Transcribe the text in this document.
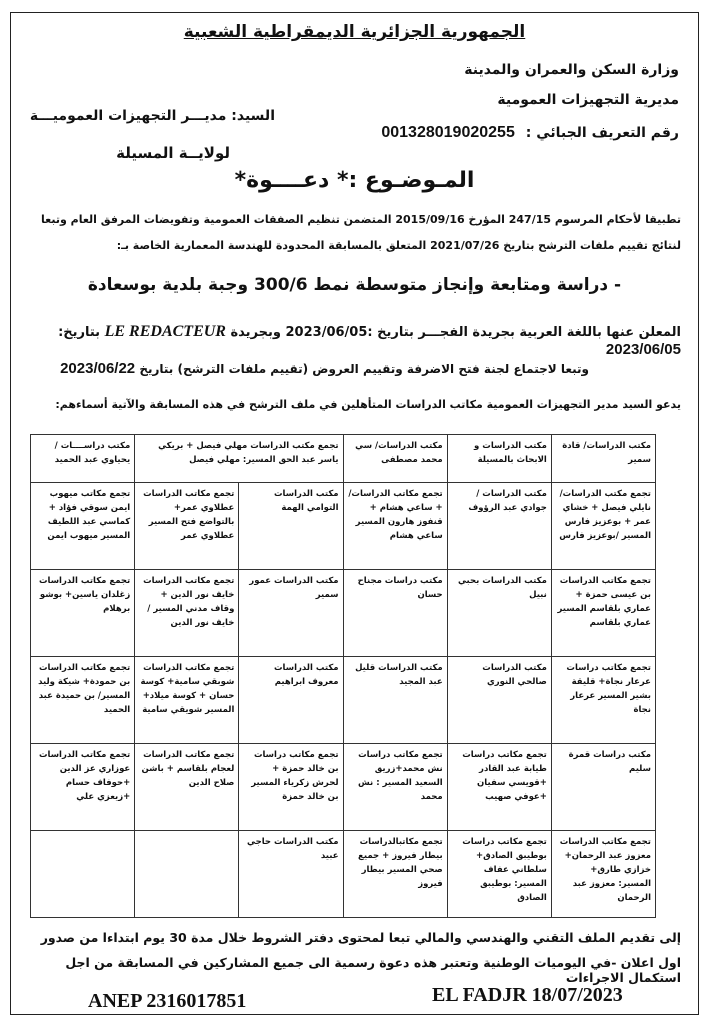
الجمهورية الجزائرية الديمقراطية الشعبية
وزارة السكن والعمران والمدينة
مديرية التجهيزات العمومية
رقم التعريف الجبائي : 001328019020255
السيد: مديـــر التجهيزات العموميـــة
لولايــة المسيلة
المـوضـوع :* دعــــوة*
تطبيقا لأحكام المرسوم 247/15 المؤرخ 2015/09/16 المتضمن تنظيم الصفقات العمومية وتفويضات المرفق العام وتبعا لنتائج تقييم ملفات الترشح بتاريخ 2021/07/26 المتعلق بالمسابقة المحدودة للهندسة المعمارية الخاصة بـ:
- دراسة ومتابعة وإنجاز متوسطة نمط 300/6 وجبة بلدية بوسعادة
المعلن عنها باللغة العربية بجريدة الفجـــر بتاريخ :2023/06/05 وبجريدة LE REDACTEUR بتاريخ: 2023/06/05
وتبعا لاجتماع لجنة فتح الاضرفة وتقييم العروض (تقييم ملفات الترشح) بتاريخ 2023/06/22
يدعو السيد مدير التجهيزات العمومية مكاتب الدراسات المتأهلين في ملف الترشح في هذه المسابقة والآتية أسماءهم:
مكتب الدراسات/ قادة سمير	مكتب الدراسات و الابحاث بالمسيلة	مكتب الدراسات/ سي محمد مصطفى	تجمع مكتب الدراسات مهلي فيصل + بريكي ياسر عبد الحق المسير: مهلي فيصل		مكتب دراســــات /يحياوي عبد الحميد
تجمع مكتب الدراسات/ نايلي فيصل + خشاي عمر + بوعزيز فارس المسير /بوعزيز فارس	مكتب الدراسات /جوادي عبد الرؤوف	تجمع مكاتب الدراسات/ + ساعي هشام + قنفوز هارون المسير ساعي هشام	مكتب الدراسات التوامي الهمة	تجمع مكاتب الدراسات عطلاوي عمر+ بالتواضع فتح المسير عطلاوي عمر	تجمع مكاتب ميهوب ايمن سوقي فؤاد + كماسي عبد اللطيف المسير ميهوب ايمن
تجمع مكاتب الدراسات بن عيسى حمزة + عماري بلقاسم المسير عماري بلقاسم	مكتب الدراسات بحبي نبيل	مكتب دراسات مجناح حسان	مكتب الدراسات عمور سمير	تجمع مكاتب الدراسات خايف نور الدين + وقاف مدني المسير /خايف نور الدين	تجمع مكاتب الدراسات زغلدان ياسين+ بوشو برهلام
تجمع مكاتب دراسات عرعار نجاة+ قليقة بشير المسير عرعار نجاة	مكتب الدراسات صالحي النوري	مكتب الدراسات قليل عبد المجيد	مكتب الدراسات معروف ابراهيم	تجمع مكاتب الدراسات شوبقي سامية+ كوسة حسان + كوسة ميلاد+ المسير شويقي سامية	تجمع مكاتب الدراسات بن حمودة+ شيكة وليد المسير/ بن حميدة عبد الحميد
مكتب دراسات قمرة سليم	تجمع مكاتب دراسات طيابة عبد القادر +قويسي سفيان +عوفي صهيب	تجمع مكاتب دراسات نش محمد+زريق السعيد المسير : نش محمد	تجمع مكاتب دراسات بن خالد حمزة + لحرش زكرياء المسير بن خالد حمزة	تجمع مكاتب الدراسات لعجام بلقاسم + باشن صلاح الدين	تجمع مكاتب الدراسات عوزاري عز الدين +حوفاف حسام +زيعزي علي
تجمع مكاتب الدراسات معزوز عبد الرحمان+ خزازي طارق+ المسير: معزوز عبد الرحمان	تجمع مكاتب دراسات بوطيبق الصادق+ سلطاني عفاف المسير: بوطيبق الصادق	تجمع مكاتبالدراسات بيطار فيروز + جميع صحي المسير بيطار فيروز	مكتب الدراسات حاجي عبيد		
إلى تقديم الملف التقني والهندسي والمالي تبعا لمحتوى دفتر الشروط خلال مدة 30 يوم ابتداءا من صدور
اول اعلان -في اليوميات الوطنية وتعتبر هذه دعوة رسمية الى جميع المشاركين في المسابقة من اجل استكمال الاجراءات
ANEP 2316017851	EL FADJR 18/07/2023
